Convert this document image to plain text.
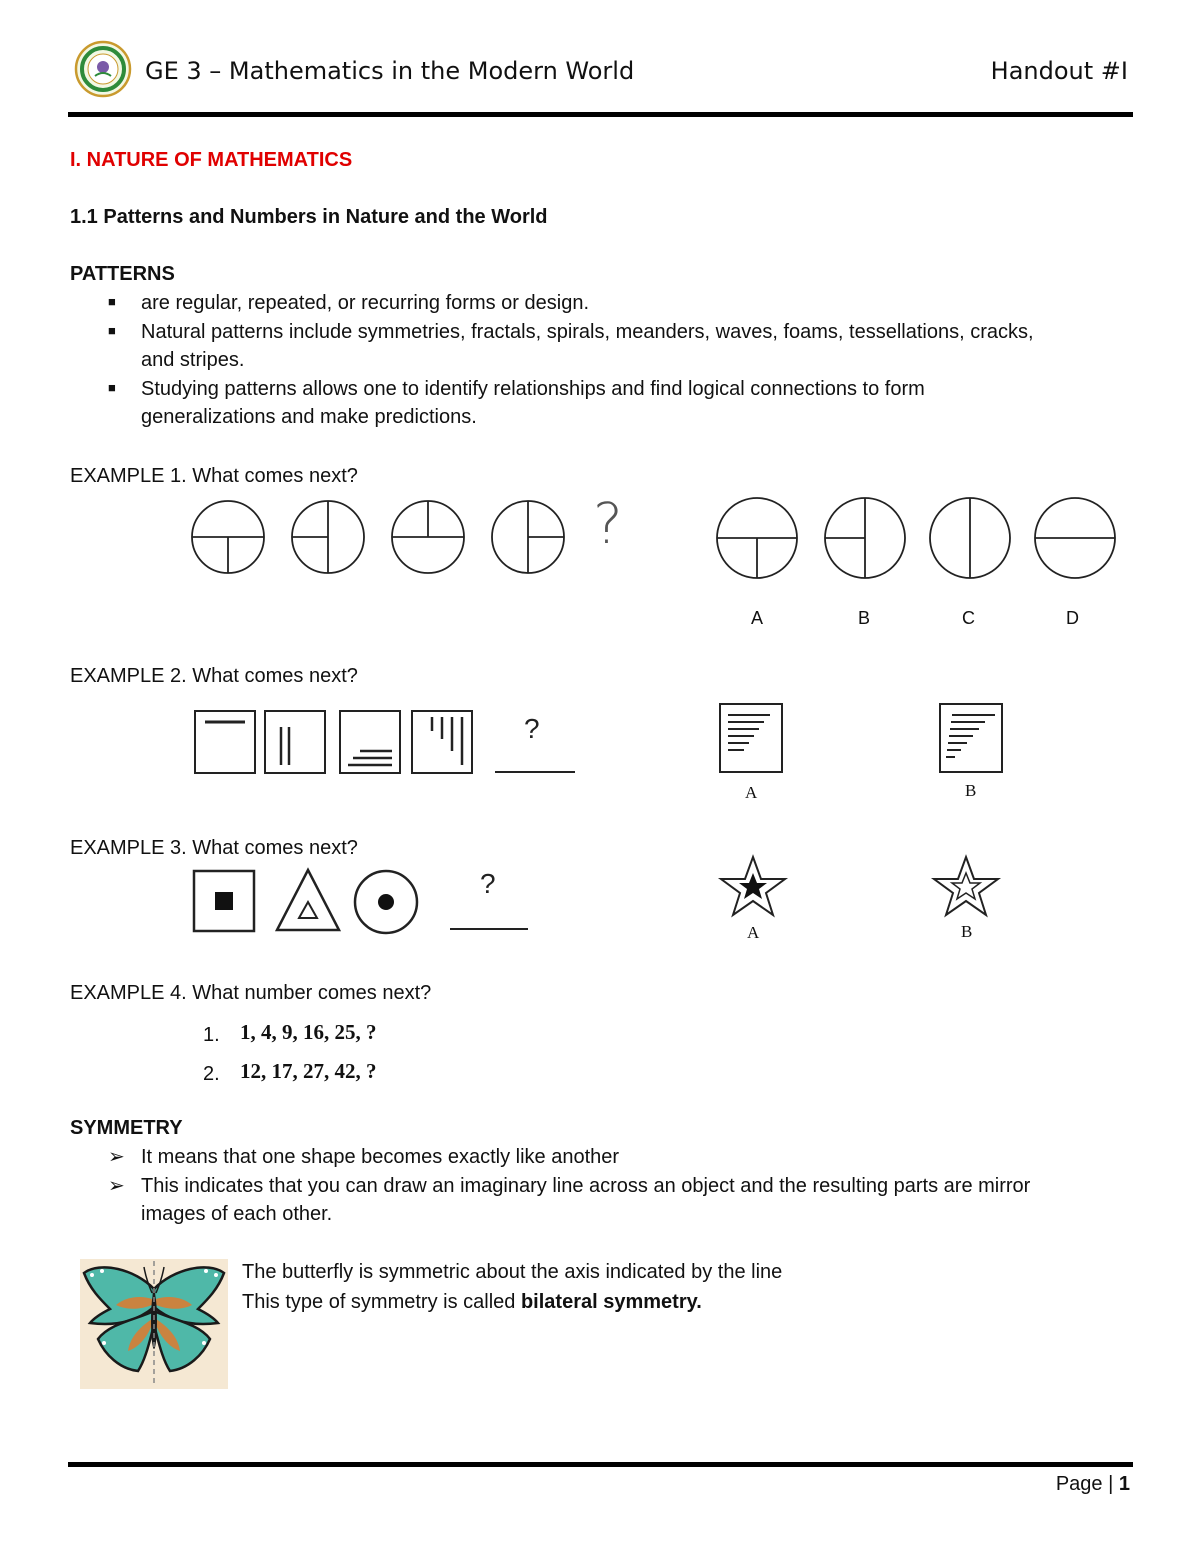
GE 3 – Mathematics in the Modern World	Handout #I
I. NATURE OF MATHEMATICS
1.1 Patterns and Numbers in Nature and the World
PATTERNS
■ are regular, repeated, or recurring forms or design.
■ Natural patterns include symmetries, fractals, spirals, meanders, waves, foams, tessellations, cracks,
and stripes.
■ Studying patterns allows one to identify relationships and find logical connections to form
generalizations and make predictions.
EXAMPLE 1. What comes next?
?
A	B	C	D
EXAMPLE 2. What comes next?
?
A	B
EXAMPLE 3. What comes next?
?
A	B
EXAMPLE 4. What number comes next?
1. 1, 4, 9, 16, 25, ?
2. 12, 17, 27, 42, ?
SYMMETRY
➢ It means that one shape becomes exactly like another
➢ This indicates that you can draw an imaginary line across an object and the resulting parts are mirror
images of each other.
The butterfly is symmetric about the axis indicated by the line
This type of symmetry is called bilateral symmetry.
Page | 1
